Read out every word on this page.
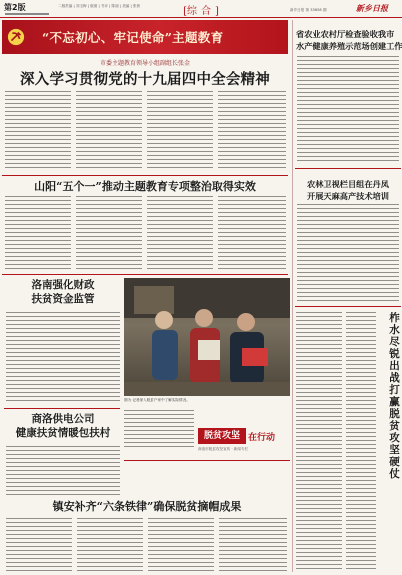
第2版	二版责编 | 刘玉梅 | 版面 | 书评 | 陈丽 | 美编 | 张茜	[综合]	新乡日报 第 33658 期	新乡日报
“不忘初心、牢记使命”主题教育
市委主题教育领导小组副组长张金
深入学习贯彻党的十九届四中全会精神
山阳“五个一”推动主题教育专项整治取得实效
洛南强化财政
扶贫资金监管
商洛供电公司
健康扶贫情暖包扶村
图为 记者深入脱贫户家中了解实际情况。
脱贫攻坚 在行动
商洛市脱贫攻坚宣传 · 新闻专栏
镇安补齐“六条铁律”确保脱贫摘帽成果
省农业农村厅检查验收我市
水产健康养殖示范场创建工作
农林卫视栏目组在丹凤
开展天麻高产技术培训
柞水尽锐出战打赢脱贫攻坚硬仗
